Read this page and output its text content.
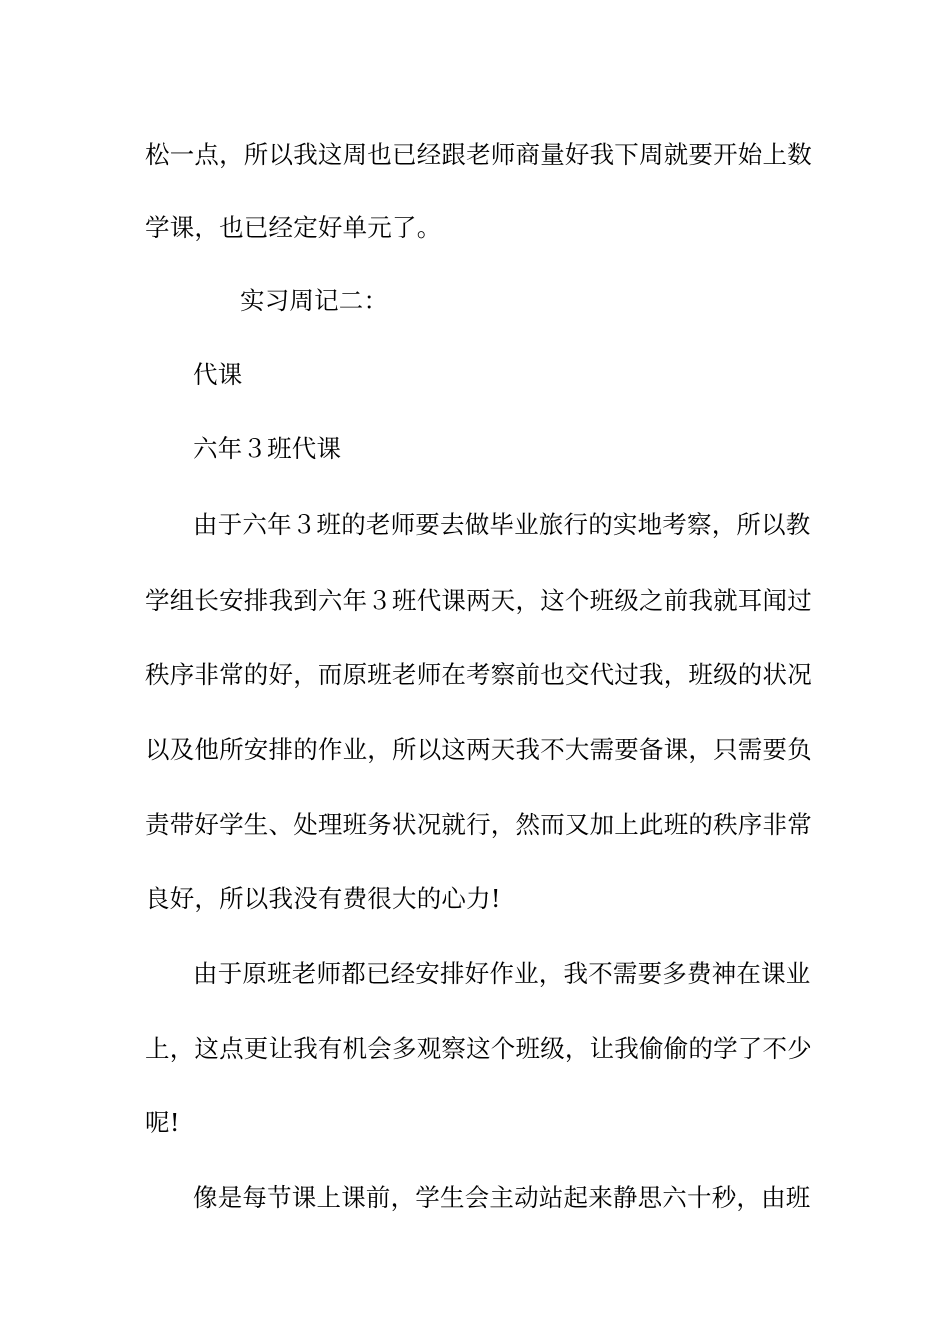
松一点，所以我这周也已经跟老师商量好我下周就要开始上数
学课，也已经定好单元了。
实习周记二：
代课
六年３班代课
由于六年３班的老师要去做毕业旅行的实地考察，所以教
学组长安排我到六年３班代课两天，这个班级之前我就耳闻过
秩序非常的好，而原班老师在考察前也交代过我，班级的状况
以及他所安排的作业，所以这两天我不大需要备课，只需要负
责带好学生、处理班务状况就行，然而又加上此班的秩序非常
良好，所以我没有费很大的心力!
由于原班老师都已经安排好作业，我不需要多费神在课业
上，这点更让我有机会多观察这个班级，让我偷偷的学了不少
呢!
像是每节课上课前，学生会主动站起来静思六十秒，由班
